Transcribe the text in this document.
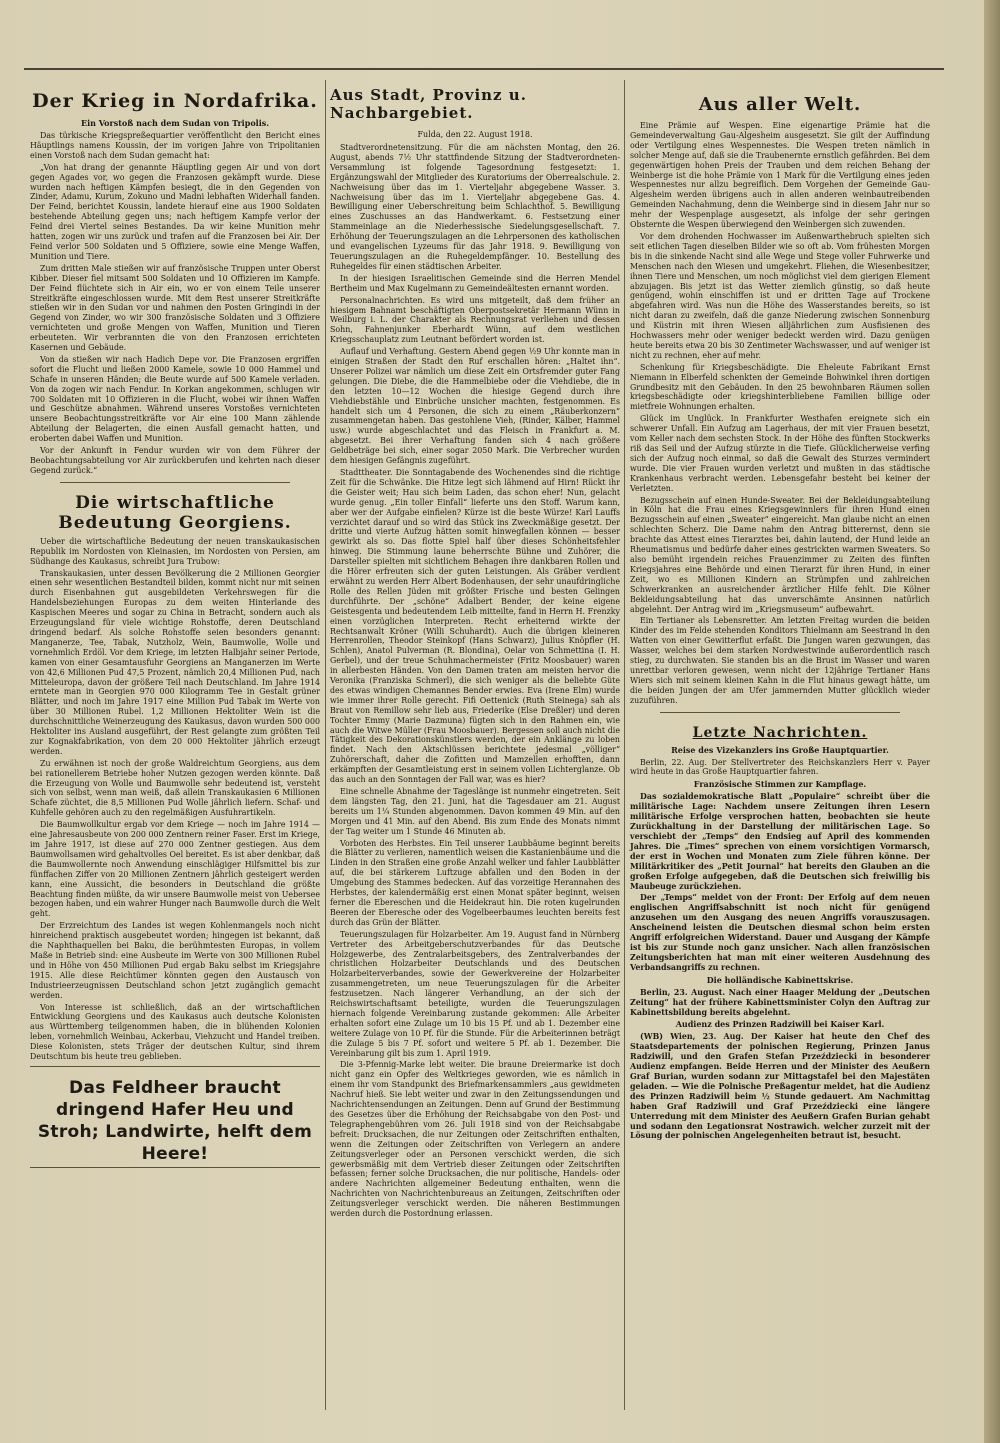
Der Krieg in Nordafrika.
Ein Vorstoß nach dem Sudan von Tripolis.

Das türkische Kriegspreßequartier veröffentlicht den Bericht eines Häuptlings namens Koussin, der im vorigen Jahre von Tripolitanien einen Vorstoß nach dem Sudan gemacht hat:

„Von hat drang der genannte Häuptling gegen Air und von dort gegen Agades vor, wo gegen die Franzosen gekämpft wurde. Diese wurden nach heftigen Kämpfen besiegt, die in den Gegenden von Zinder, Adamu, Kurum, Zokuno und Madni lebhaften Widerhall fanden. Der Feind, berichtet Koussin, landete hierauf eine aus 1900 Soldaten bestehende Abteilung gegen uns; nach heftigem Kampfe verlor der Feind drei Viertel seines Bestandes. Da wir keine Munition mehr hatten, zogen wir uns zurück und trafen auf die Franzosen bei Air. Der Feind verlor 500 Soldaten und 5 Offiziere, sowie eine Menge Waffen, Munition und Tiere.

Zum dritten Male stießen wir auf französische Truppen unter Oberst Kibber. Dieser fiel mitsamt 500 Soldaten und 10 Offizieren im Kampfe. Der Feind flüchtete sich in Air ein, wo er von einem Teile unserer Streitkräfte eingeschlossen wurde. Mit dem Rest unserer Streitkräfte stießen wir in den Sudan vor und nahmen den Posten Gringindi in der Gegend von Zinder, wo wir 300 französische Soldaten und 3 Offiziere vernichteten und große Mengen von Waffen, Munition und Tieren erbeuteten. Wir verbrannten die von den Franzosen errichteten Kasernen und Gebäude.

Von da stießen wir nach Hadich Depe vor. Die Franzosen ergriffen sofort die Flucht und ließen 2000 Kamele, sowie 10 000 Hammel und Schafe in unseren Händen; die Beute wurde auf 500 Kamele verladen. Von da zogen wir nach Fendur. In Korkan angekommen, schlugen wir 700 Soldaten mit 10 Offizieren in die Flucht, wobei wir ihnen Waffen und Geschütze abnahmen. Während unseres Vorstoßes vernichteten unsere Beobachtungsstreitkräfte vor Air eine 100 Mann zählende Abteilung der Belagerten, die einen Ausfall gemacht hatten, und eroberten dabei Waffen und Munition.

Vor der Ankunft in Fendur wurden wir von dem Führer der Beobachtungsabteilung vor Air zurückberufen und kehrten nach dieser Gegend zurück.“

Die wirtschaftliche Bedeutung Georgiens.

Ueber die wirtschaftliche Bedeutung der neuen transkaukasischen Republik im Nordosten von Kleinasien, im Nordosten von Persien, am Südhange des Kaukasus, schreibt Jura Trubow:

Transkaukasien, unter dessen Bevölkerung die 2 Millionen Georgier einen sehr wesentlichen Bestandteil bilden, kommt nicht nur mit seinen durch Eisenbahnen gut ausgebildeten Verkehrswegen für die Handelsbeziehungen Europas zu dem weiten Hinterlande des Kaspischen Meeres und sogar zu China in Betracht, sondern auch als Erzeugungsland für viele wichtige Rohstoffe, deren Deutschland dringend bedarf. Als solche Rohstoffe seien besonders genannt: Manganerze, Tee, Tabak, Nutzholz, Wein, Baumwolle, Wolle und vornehmlich Erdöl. Vor dem Kriege, im letzten Halbjahr seiner Periode, kamen von einer Gesamtausfuhr Georgiens an Manganerzen im Werte von 42,6 Millionen Pud 47,5 Prozent, nämlich 20,4 Millionen Pud, nach Mitteleuropa, davon der größere Teil nach Deutschland. Im Jahre 1914 erntete man in Georgien 970 000 Kilogramm Tee in Gestalt grüner Blätter, und noch im Jahre 1917 eine Million Pud Tabak im Werte von über 30 Millionen Rubel. 1,2 Millionen Hektoliter Wein ist die durchschnittliche Weinerzeugung des Kaukasus, davon wurden 500 000 Hektoliter ins Ausland ausgeführt, der Rest gelangte zum größten Teil zur Kognakfabrikation, von dem 20 000 Hektoliter jährlich erzeugt werden.

Zu erwähnen ist noch der große Waldreichtum Georgiens, aus dem bei rationellerem Betriebe hoher Nutzen gezogen werden könnte. Daß die Erzeugung von Wolle und Baumwolle sehr bedeutend ist, versteht sich von selbst, wenn man weiß, daß allein Transkaukasien 6 Millionen Schafe züchtet, die 8,5 Millionen Pud Wolle jährlich liefern. Schaf- und Kuhfelle gehören auch zu den regelmäßigen Ausfuhrartikeln.

Die Baumwollkultur ergab vor dem Kriege — noch im Jahre 1914 — eine Jahresausbeute von 200 000 Zentnern reiner Faser. Erst im Kriege, im Jahre 1917, ist diese auf 270 000 Zentner gestiegen. Aus dem Baumwollsamen wird gehaltvolles Oel bereitet. Es ist aber denkbar, daß die Baumwollernte noch Anwendung einschlägiger Hilfsmittel bis zur fünffachen Ziffer von 20 Millionen Zentnern jährlich gesteigert werden kann, eine Aussicht, die besonders in Deutschland die größte Beachtung finden müßte, da wir unsere Baumwolle meist von Uebersee bezogen haben, und ein wahrer Hunger nach Baumwolle durch die Welt geht.

Der Erzreichtum des Landes ist wegen Kohlenmangels noch nicht hinreichend praktisch ausgebeutet worden; hingegen ist bekannt, daß die Naphthaquellen bei Baku, die berühmtesten Europas, in vollem Maße in Betrieb sind: eine Ausbeute im Werte von 300 Millionen Rubel und in Höhe von 450 Millionen Pud ergab Baku selbst im Kriegsjahre 1915. Alle diese Reichtümer könnten gegen den Austausch von Industrieerzeugnissen Deutschland schon jetzt zugänglich gemacht werden.

Von Interesse ist schließlich, daß an der wirtschaftlichen Entwicklung Georgiens und des Kaukasus auch deutsche Kolonisten aus Württemberg teilgenommen haben, die in blühenden Kolonien leben, vornehmlich Weinbau, Ackerbau, Viehzucht und Handel treiben. Diese Kolonisten, stets Träger der deutschen Kultur, sind ihrem Deutschtum bis heute treu geblieben.

Das Feldheer braucht dringend Hafer Heu und Stroh; Landwirte, helft dem Heere!
Aus Stadt, Provinz u. Nachbargebiet.
Fulda, den 22. August 1918.

Stadtverordnetensitzung. Für die am nächsten Montag, den 26. August, abends 7½ Uhr stattfindende Sitzung der Stadtverordneten-Versammlung ist folgende Tagesordnung festgesetzt: 1. Ergänzungswahl der Mitglieder des Kuratoriums der Oberrealschule. 2. Nachweisung über das im 1. Vierteljahr abgegebene Wasser. 3. Nachweisung über das im 1. Vierteljahr abgegebene Gas. 4. Bewilligung einer Ueberschreitung beim Schlachthof. 5. Bewilligung eines Zuschusses an das Handwerkamt. 6. Festsetzung einer Stammeinlage an die Niederhessische Siedelungsgesellschaft. 7. Erhöhung der Teuerungszulagen an die Lehrpersonen des katholischen und evangelischen Lyzeums für das Jahr 1918. 9. Bewilligung von Teuerungszulagen an die Ruhegeldempfänger. 10. Bestellung des Ruhegeldes für einen städtischen Arbeiter.

In der hiesigen Israelitischen Gemeinde sind die Herren Mendel Bertheim und Max Kugelmann zu Gemeindeältesten ernannt worden.

Personalnachrichten. Es wird uns mitgeteilt, daß dem früher an hiesigem Bahnamt beschäftigten Oberpostsekretär Hermann Wünn in Weilburg i. L. der Charakter als Rechnungsrat verliehen und dessen Sohn, Fahnenjunker Eberhardt Wünn, auf dem westlichen Kriegsschauplatz zum Leutnant befördert worden ist.

Auflauf und Verhaftung. Gestern Abend gegen ½9 Uhr konnte man in einigen Straßen der Stadt den Ruf erschallen hören: „Haltet ihn“. Unserer Polizei war nämlich um diese Zeit ein Ortsfremder guter Fang gelungen. Die Diebe, die die Hammelbiebe oder die Viehdiebe, die in den letzten 10—12 Wochen die hiesige Gegend durch ihre Viehdiebstähle und Einbrüche unsicher machten, festgenommen. Es handelt sich um 4 Personen, die sich zu einem „Räuberkonzern“ zusammengetan haben. Das gestohlene Vieh, (Rinder, Kälber, Hammel usw.) wurde abgeschlachtet und das Fleisch in Frankfurt a. M. abgesetzt. Bei ihrer Verhaftung fanden sich 4 nach größere Geldbeträge bei sich, einer sogar 2050 Mark. Die Verbrecher wurden dem hiesigen Gefängnis zugeführt.

Stadttheater. Die Sonntagabende des Wochenendes sind die richtige Zeit für die Schwänke. Die Hitze legt sich lähmend auf Hirn! Rückt ihr die Geister weit; Hau sich beim Laden, das schon eher! Nun, gelacht wurde genug. „Ein toller Einfall“ lieferte uns den Stoff. Warum kann, aber wer der Aufgabe einfielen? Kürze ist die beste Würze! Karl Lauffs verzichtet darauf und so wird das Stück ins Zweckmäßige gesetzt. Der dritte und vierte Aufzug hätten somit hinwegfallen können — besser gewirkt als so. Das flotte Spiel half über dieses Schönheitsfehler hinweg. Die Stimmung laune beherrschte Bühne und Zuhörer, die Darsteller spielten mit sichtlichem Behagen ihre dankbaren Rollen und die Hörer erfreuten sich der guten Leistungen. Als Gräber verdient erwähnt zu werden Herr Albert Bodenhausen, der sehr unaufdringliche Rolle des Rellen Jüden mit größter Frische und besten Gelingen durchführte. Der „schöne“ Adalbert Bender, der keine eigene Geistesgenta und bedeutendem Leib mitteilte, fand in Herrn H. Frenzky einen vorzüglichen Interpreten. Recht erheiternd wirkte der Rechtsanwalt Kröner (Willi Schuhardt). Auch die übrigen kleineren Herrenrollen, Theodor Steinkopf (Hans Schwarz), Julius Knöpfler (H. Schlen), Anatol Pulverman (R. Blondina), Oelar von Schmettina (I. H. Gerbel), und der treue Schuhmachermeister (Fritz Moosbauer) waren in allerbesten Händen. Von den Damen traten am meisten hervor die Veronika (Franziska Schmerl), die sich weniger als die beliebte Güte des etwas windigen Chemannes Bender erwies. Eva (Irene Elm) wurde wie immer ihrer Rolle gerecht. Fifi Oettenick (Ruth Steinega) sah als Braut von Remillow sehr lieb aus, Friederike (Else Dreßler) und deren Tochter Emmy (Marie Dazmuna) fügten sich in den Rahmen ein, wie auch die Witwe Müller (Frau Moosbauer). Bergessen soll auch nicht die Tätigkeit des Dekorationskünstlers werden, der ein Anklänge zu loben findet. Nach den Aktschlüssen berichtete jedesmal „völliger“ Zuhörerschaft, daher die Zofitten und Mamzellen erhofften, dann erkämpften der Gesamtleistung erst in seinem vollen Lichterglanze. Ob das auch an den Sonntagen der Fall war, was es hier?

Eine schnelle Abnahme der Tageslänge ist nunmehr eingetreten. Seit dem längsten Tag, den 21. Juni, hat die Tagesdauer am 21. August bereits um 1¼ Stunden abgenommen. Davon kommen 49 Min. auf den Morgen und 41 Min. auf den Abend. Bis zum Ende des Monats nimmt der Tag weiter um 1 Stunde 46 Minuten ab.

Vorboten des Herbstes. Ein Teil unserer Laubbäume beginnt bereits die Blätter zu verlieren, namentlich weisen die Kastanienbäume und die Linden in den Straßen eine große Anzahl welker und fahler Laubblätter auf, die bei stärkerem Luftzuge abfallen und den Boden in der Umgebung des Stammes bedecken. Auf das vorzeitige Herannahen des Herbstes, der kalendermäßig erst einen Monat später beginnt, weisen ferner die Ebereschen und die Heidekraut hin. Die roten kugelrunden Beeren der Eberesche oder des Vogelbeerbaumes leuchten bereits fest durch das Grün der Blätter.

Teuerungszulagen für Holzarbeiter. Am 19. August fand in Nürnberg Vertreter des Arbeitgeberschutzverbandes für das Deutsche Holzgewerbe, des Zentralarbeitsgebers, des Zentralverbandes der christlichen Holzarbeiter Deutschlands und des Deutschen Holzarbeiterverbandes, sowie der Gewerkvereine der Holzarbeiter zusammengetreten, um neue Teuerungszulagen für die Arbeiter festzusetzen. Nach längerer Verhandlung, an der sich der Reichswirtschaftsamt beteiligte, wurden die Teuerungszulagen hiernach folgende Vereinbarung zustande gekommen: Alle Arbeiter erhalten sofort eine Zulage um 10 bis 15 Pf. und ab 1. Dezember eine weitere Zulage von 10 Pf. für die Stunde. Für die Arbeiterinnen beträgt die Zulage 5 bis 7 Pf. sofort und weitere 5 Pf. ab 1. Dezember. Die Vereinbarung gilt bis zum 1. April 1919.

Die 3-Pfennig-Marke lebt weiter. Die braune Dreiermarke ist doch nicht ganz ein Opfer des Weltkrieges geworden, wie es nämlich in einem ihr vom Standpunkt des Briefmarkensammlers „aus gewidmeten Nachruf hieß. Sie lebt weiter und zwar in den Zeitungssendungen und Nachrichtensendungen an Zeitungen. Denn auf Grund der Bestimmung des Gesetzes über die Erhöhung der Reichsabgabe von den Post- und Telegraphengebühren vom 26. Juli 1918 sind von der Reichsabgabe befreit: Drucksachen, die nur Zeitungen oder Zeitschriften enthalten, wenn die Zeitungen oder Zeitschriften von Verlegern an andere Zeitungsverleger oder an Personen verschickt werden, die sich gewerbsmäßig mit dem Vertrieb dieser Zeitungen oder Zeitschriften befassen; ferner solche Drucksachen, die nur politische, Handels- oder andere Nachrichten allgemeiner Bedeutung enthalten, wenn die Nachrichten von Nachrichtenbureaus an Zeitungen, Zeitschriften oder Zeitungsverleger verschickt werden. Die näheren Bestimmungen werden durch die Postordnung erlassen.

Aus aller Welt.

Eine Prämie auf Wespen. Eine eigenartige Prämie hat die Gemeindeverwaltung Gau-Algesheim ausgesetzt. Sie gilt der Auffindung oder Vertilgung eines Wespennestes. Die Wespen treten nämlich in solcher Menge auf, daß sie die Traubenernte ernstlich gefährden. Bei dem gegenwärtigen hohen Preis der Trauben und dem reichen Behang der Weinberge ist die hohe Prämie von 1 Mark für die Vertilgung eines jeden Wespennestes nur allzu begreiflich. Dem Vorgehen der Gemeinde Gau-Algesheim werden übrigens auch in allen anderen weinbautreibenden Gemeinden Nachahmung, denn die Weinberge sind in diesem Jahr nur so mehr der Wespenplage ausgesetzt, als infolge der sehr geringen Obsternte die Wespen überwiegend den Weinbergen sich zuwenden.

Vor dem drohenden Hochwasser im Außenwarthebruch spielten sich seit etlichen Tagen dieselben Bilder wie so oft ab. Vom frühesten Morgen bis in die sinkende Nacht sind alle Wege und Stege voller Fuhrwerke und Menschen nach den Wiesen und umgekehrt. Fliehen, die Wiesenbesitzer, ihnen Tiere und Menschen, um noch möglichst viel dem gierigen Element abzujagen. Bis jetzt ist das Wetter ziemlich günstig, so daß heute genügend, wohin einschiffen ist und er dritten Tage auf Trockene abgefahren wird. Was nun die Höhe des Wasserstandes bereits, so ist nicht daran zu zweifeln, daß die ganze Niederung zwischen Sonnenburg und Küstrin mit ihren Wiesen alljährlichen zum Ausfisienen des Hochwassers mehr oder weniger bedeckt werden wird. Dazu genügen heute bereits etwa 20 bis 30 Zentimeter Wachswasser, und auf weniger ist nicht zu rechnen, eher auf mehr.

Schenkung für Kriegsbeschädigte. Die Eheleute Fabrikant Ernst Niemann in Elberfeld schenkten der Gemeinde Bohwinkel ihren dortigen Grundbesitz mit den Gebäuden. In den 25 bewohnbaren Räumen sollen kriegsbeschädigte oder kriegshinterbliebene Familien billige oder mietfreie Wohnungen erhalten.

Glück im Unglück. In Frankfurter Westhafen ereignete sich ein schwerer Unfall. Ein Aufzug am Lagerhaus, der mit vier Frauen besetzt, vom Keller nach dem sechsten Stock. In der Höhe des fünften Stockwerks riß das Seil und der Aufzug stürzte in die Tiefe. Glücklicherweise verfing sich der Aufzug noch einmal, so daß die Gewalt des Sturzes vermindert wurde. Die vier Frauen wurden verletzt und mußten in das städtische Krankenhaus verbracht werden. Lebensgefahr besteht bei keiner der Verletzten.

Bezugsschein auf einen Hunde-Sweater. Bei der Bekleidungsabteilung in Köln hat die Frau eines Kriegsgewinnlers für ihren Hund einen Bezugsschein auf einen „Sweater“ eingereicht. Man glaube nicht an einen schlechten Scherz. Die Dame nahm den Antrag bitterernst, denn sie brachte das Attest eines Tierarztes bei, dahin lautend, der Hund leide an Rheumatismus und bedürfe daher eines gestrickten warmen Sweaters. So also bemüht irgendein reiches Frauenzimmer zu Zeiten des fünften Kriegsjahres eine Behörde und einen Tierarzt für ihren Hund, in einer Zeit, wo es Millionen Kindern an Strümpfen und zahlreichen Schwerkranken an ausreichender ärztlicher Hilfe fehlt. Die Kölner Bekleidungsabteilung hat das unverschämte Ansinnen natürlich abgelehnt. Der Antrag wird im „Kriegsmuseum“ aufbewahrt.

Ein Tertianer als Lebensretter. Am letzten Freitag wurden die beiden Kinder des im Felde stehenden Konditors Thielmann am Seestrand in den Watten von einer Gewitterflut erfaßt. Die Jungen waren gezwungen, das Wasser, welches bei dem starken Nordwestwinde außerordentlich rasch stieg, zu durchwaten. Sie standen bis an die Brust im Wasser und waren unrettbar verloren gewesen, wenn nicht der 12jährige Tertianer Hans Wiers sich mit seinem kleinen Kahn in die Flut hinaus gewagt hätte, um die beiden Jungen der am Ufer jammernden Mutter glücklich wieder zuzuführen.

Letzte Nachrichten.
Reise des Vizekanzlers ins Große Hauptquartier.

Berlin, 22. Aug. Der Stellvertreter des Reichskanzlers Herr v. Payer wird heute in das Große Hauptquartier fahren.

Französische Stimmen zur Kampflage.

Das sozialdemokratische Blatt „Populaire“ schreibt über die militärische Lage: Nachdem unsere Zeitungen ihren Lesern militärische Erfolge versprochen hatten, beobachten sie heute Zurückhaltung in der Darstellung der militärischen Lage. So verschiebt der „Temps“ den Endsieg auf April des kommenden Jahres. Die „Times“ sprechen von einem vorsichtigen Vormarsch, der erst in Wochen und Monaten zum Ziele führen könne. Der Militärkritiker des „Petit Journal“ hat bereits den Glauben an die großen Erfolge aufgegeben, daß die Deutschen sich freiwillig bis Maubeuge zurückziehen.

Der „Temps“ meldet von der Front: Der Erfolg auf dem neuen englischen Angriffsabschnitt ist noch nicht für genügend anzusehen um den Ausgang des neuen Angriffs vorauszusagen. Anscheinend leisten die Deutschen diesmal schon beim ersten Angriff erfolgreichen Widerstand. Dauer und Ausgang der Kämpfe ist bis zur Stunde noch ganz unsicher. Nach allen französischen Zeitungsberichten hat man mit einer weiteren Ausdehnung des Verbandsangriffs zu rechnen.

Die holländische Kabinettskrise.

Berlin, 23. August. Nach einer Haager Meldung der „Deutschen Zeitung“ hat der frühere Kabinettsminister Colyn den Auftrag zur Kabinettsbildung bereits abgelehnt.

Audienz des Prinzen Radziwill bei Kaiser Karl.

(WB) Wien, 23. Aug. Der Kaiser hat heute den Chef des Staatsdepartements der polnischen Regierung, Prinzen Janus Radziwill, und den Grafen Stefan Przeździecki in besonderer Audienz empfangen. Beide Herren und der Minister des Aeußern Graf Burian, wurden sodann zur Mittagstafel bei den Majestäten geladen. — Wie die Polnische Preßagentur meldet, hat die Audienz des Prinzen Radziwill beim ½ Stunde gedauert. Am Nachmittag haben Graf Radziwill und Graf Przeździecki eine längere Unterredung mit dem Minister des Aeußern Grafen Burian gehabt und sodann den Legationsrat Nostrawich. welcher zurzeit mit der Lösung der polnischen Angelegenheiten betraut ist, besucht.
